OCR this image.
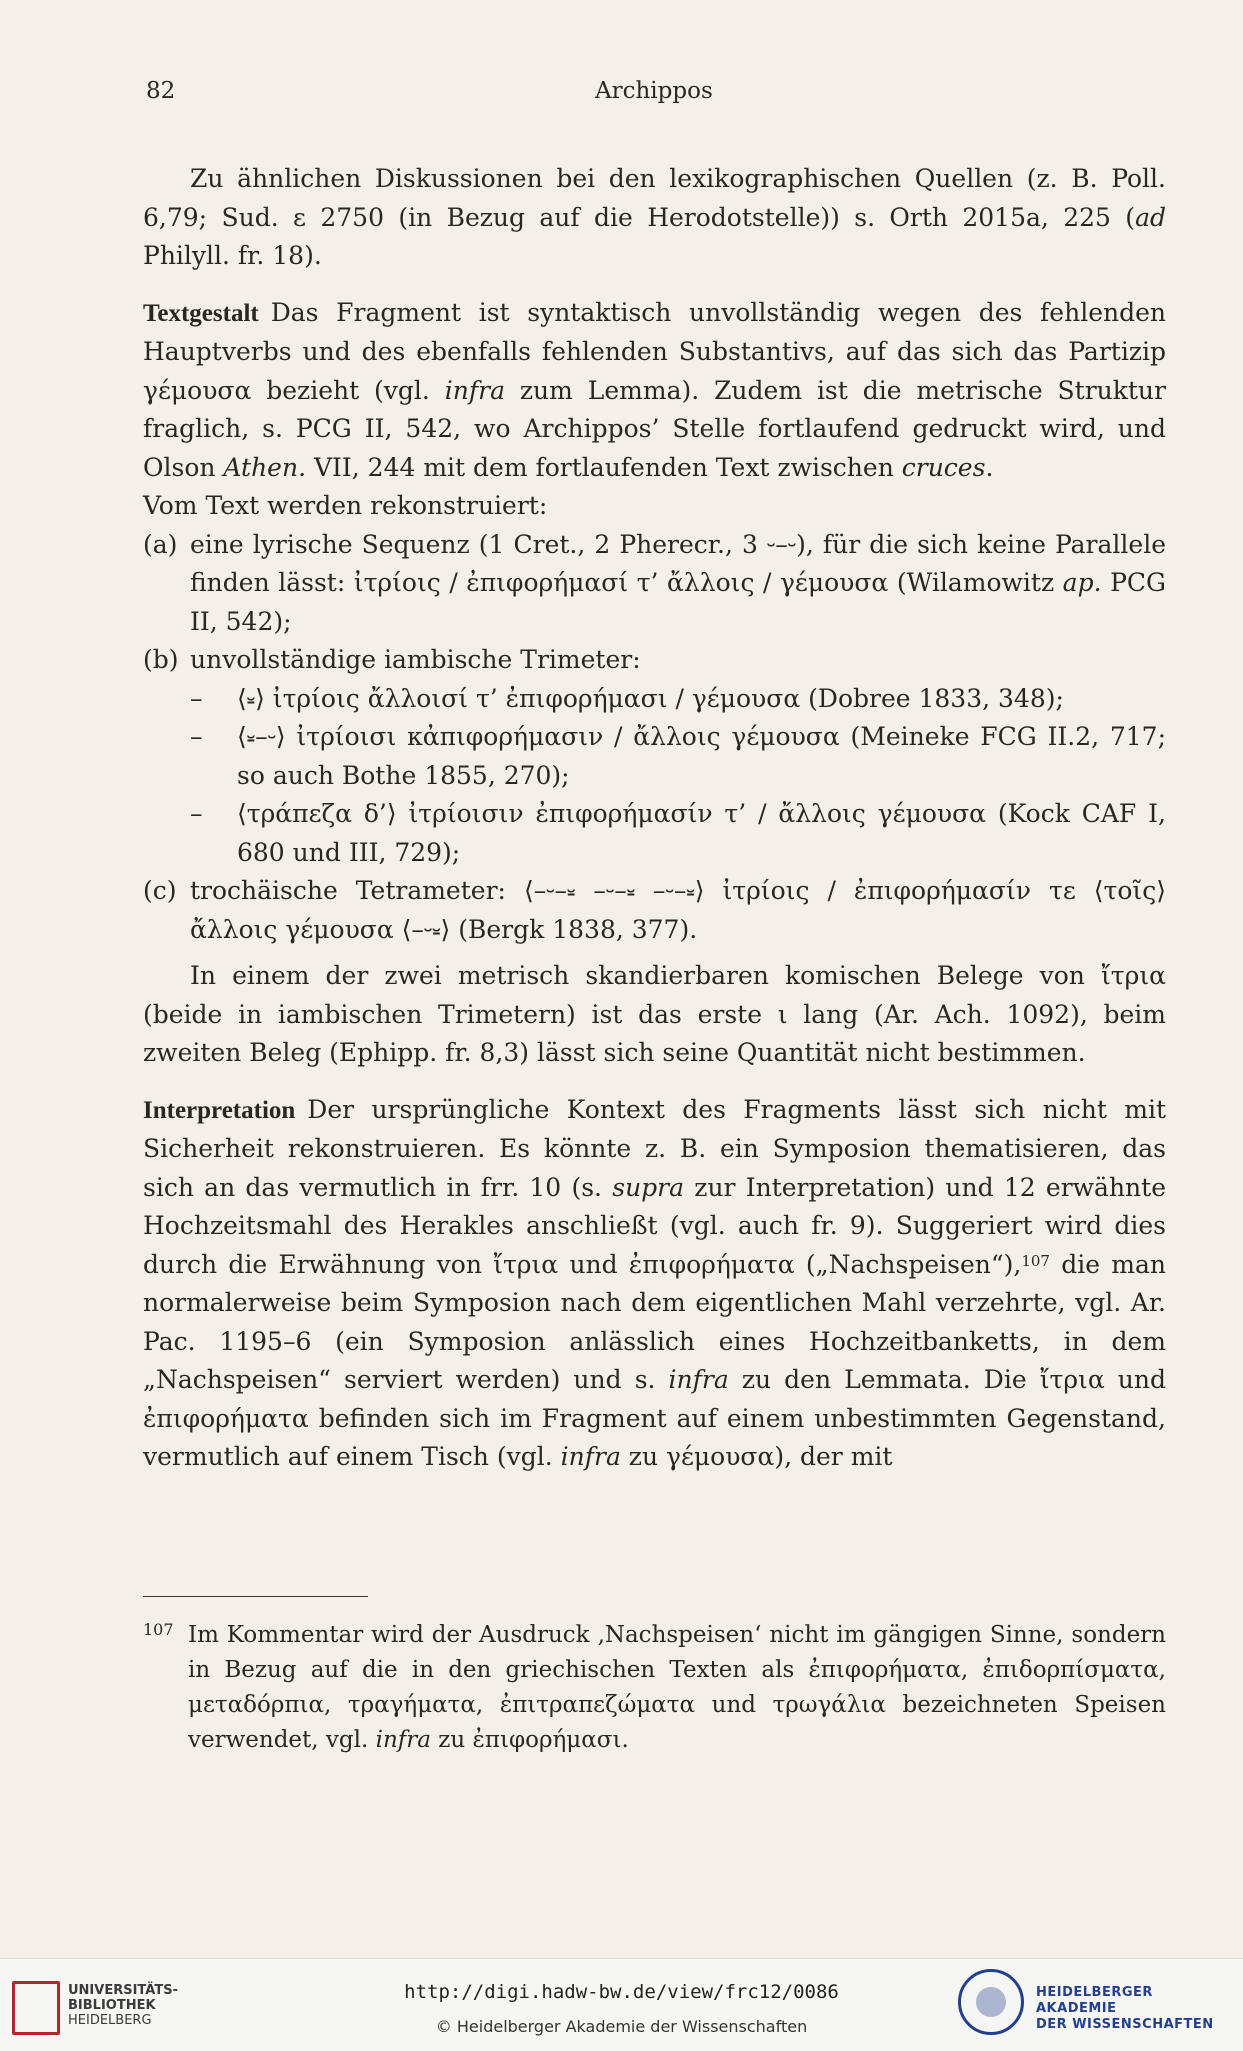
82	Archippos

Zu ähnlichen Diskussionen bei den lexikographischen Quellen (z. B. Poll. 6,79; Sud. ε 2750 (in Bezug auf die Herodotstelle)) s. Orth 2015a, 225 (ad Philyll. fr. 18).

Textgestalt Das Fragment ist syntaktisch unvollständig wegen des fehlenden Hauptverbs und des ebenfalls fehlenden Substantivs, auf das sich das Partizip γέμουσα bezieht (vgl. infra zum Lemma). Zudem ist die metrische Struktur fraglich, s. PCG II, 542, wo Archippos’ Stelle fortlaufend gedruckt wird, und Olson Athen. VII, 244 mit dem fortlaufenden Text zwischen cruces.

Vom Text werden rekonstruiert:

(a) eine lyrische Sequenz (1 Cret., 2 Pherecr., 3 ⏑–⏑), für die sich keine Parallele finden lässt: ἰτρίοις / ἐπιφορήμασί τ’ ἄλλοις / γέμουσα (Wilamowitz ap. PCG II, 542);
(b) unvollständige iambische Trimeter:
– ⟨⏓⟩ ἰτρίοις ἄλλοισί τ’ ἐπιφορήμασι / γέμουσα (Dobree 1833, 348);
– ⟨⏓–⏑⟩ ἰτρίοισι κἀπιφορήμασιν / ἄλλοις γέμουσα (Meineke FCG II.2, 717; so auch Bothe 1855, 270);
– ⟨τράπεζα δ’⟩ ἰτρίοισιν ἐπιφορήμασίν τ’ / ἄλλοις γέμουσα (Kock CAF I, 680 und III, 729);
(c) trochäische Tetrameter: ⟨–⏑–⏓ –⏑–⏓ –⏑–⏓⟩ ἰτρίοις / ἐπιφορήμασίν τε ⟨τοῖς⟩ ἄλλοις γέμουσα ⟨–⏑⏓⟩ (Bergk 1838, 377).

In einem der zwei metrisch skandierbaren komischen Belege von ἴτρια (beide in iambischen Trimetern) ist das erste ι lang (Ar. Ach. 1092), beim zweiten Beleg (Ephipp. fr. 8,3) lässt sich seine Quantität nicht bestimmen.

Interpretation Der ursprüngliche Kontext des Fragments lässt sich nicht mit Sicherheit rekonstruieren. Es könnte z. B. ein Symposion thematisieren, das sich an das vermutlich in frr. 10 (s. supra zur Interpretation) und 12 erwähnte Hochzeitsmahl des Herakles anschließt (vgl. auch fr. 9). Suggeriert wird dies durch die Erwähnung von ἴτρια und ἐπιφορήματα („Nachspeisen“),$^{107}$ die man normalerweise beim Symposion nach dem eigentlichen Mahl verzehrte, vgl. Ar. Pac. 1195–6 (ein Symposion anlässlich eines Hochzeitbanketts, in dem „Nachspeisen“ serviert werden) und s. infra zu den Lemmata. Die ἴτρια und ἐπιφορήματα befinden sich im Fragment auf einem unbestimmten Gegenstand, vermutlich auf einem Tisch (vgl. infra zu γέμουσα), der mit

107 Im Kommentar wird der Ausdruck ‚Nachspeisen‘ nicht im gängigen Sinne, sondern in Bezug auf die in den griechischen Texten als ἐπιφορήματα, ἐπιδορπίσματα, μεταδόρπια, τραγήματα, ἐπιτραπεζώματα und τρωγάλια bezeichneten Speisen verwendet, vgl. infra zu ἐπιφορήμασι.
UNIVERSITÄTS-
BIBLIOTHEK
HEIDELBERG
http://digi.hadw-bw.de/view/frc12/0086
© Heidelberger Akademie der Wissenschaften
HEIDELBERGER AKADEMIE
DER WISSENSCHAFTEN
